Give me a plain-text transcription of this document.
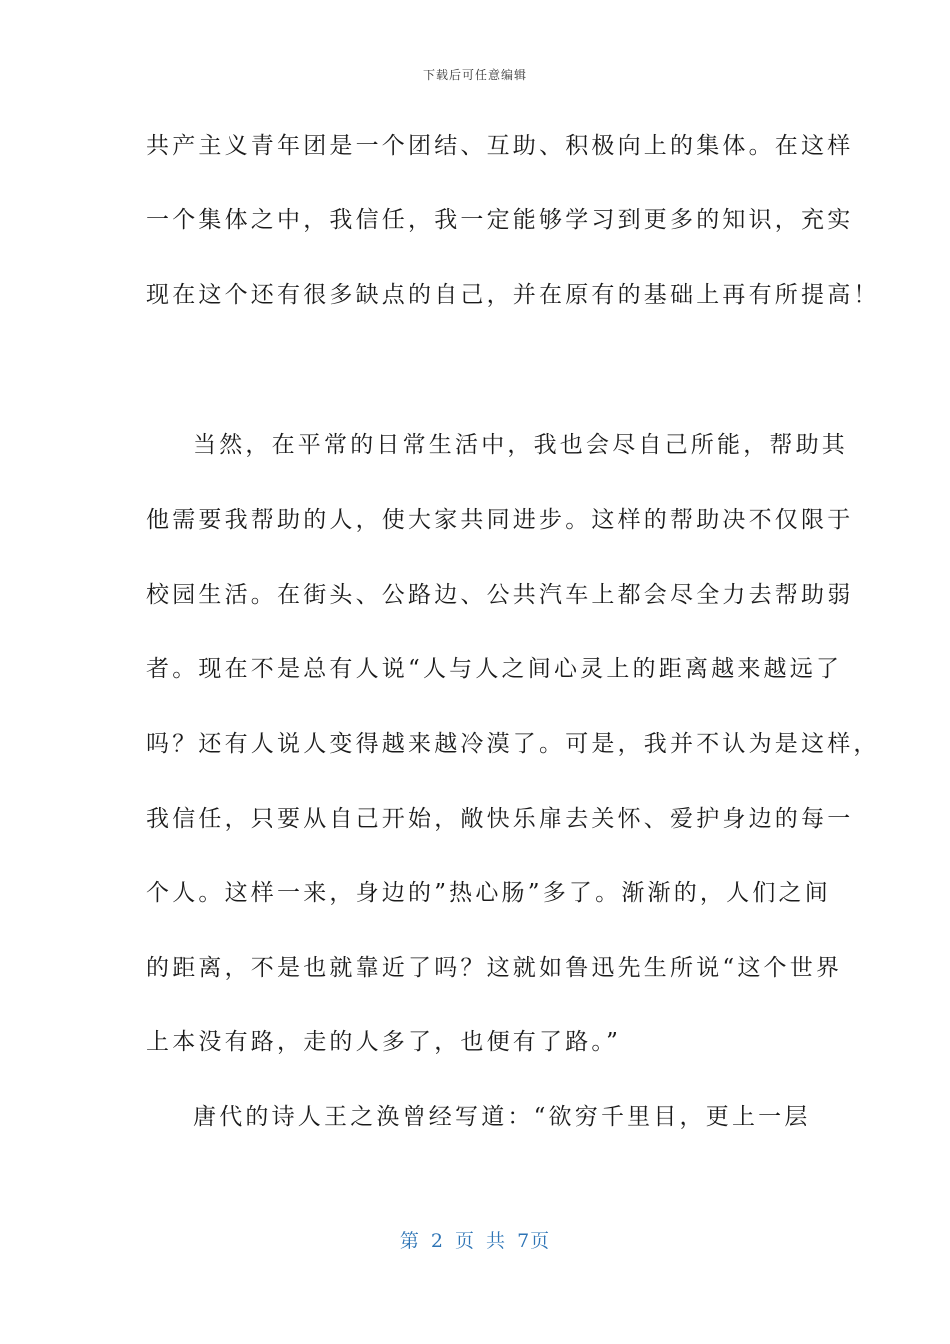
下载后可任意编辑
共产主义青年团是一个团结、互助、积极向上的集体。在这样
一个集体之中，我信任，我一定能够学习到更多的知识，充实
现在这个还有很多缺点的自己，并在原有的基础上再有所提高！
当然，在平常的日常生活中，我也会尽自己所能，帮助其
他需要我帮助的人，使大家共同进步。这样的帮助决不仅限于
校园生活。在街头、公路边、公共汽车上都会尽全力去帮助弱
者。现在不是总有人说“人与人之间心灵上的距离越来越远了
吗？还有人说人变得越来越冷漠了。可是，我并不认为是这样，
我信任，只要从自己开始，敞快乐扉去关怀、爱护身边的每一
个人。这样一来，身边的”热心肠”多了。渐渐的，人们之间
的距离，不是也就靠近了吗？这就如鲁迅先生所说“这个世界
上本没有路，走的人多了，也便有了路。”
唐代的诗人王之涣曾经写道：“欲穷千里目，更上一层
第 2 页 共 7页
